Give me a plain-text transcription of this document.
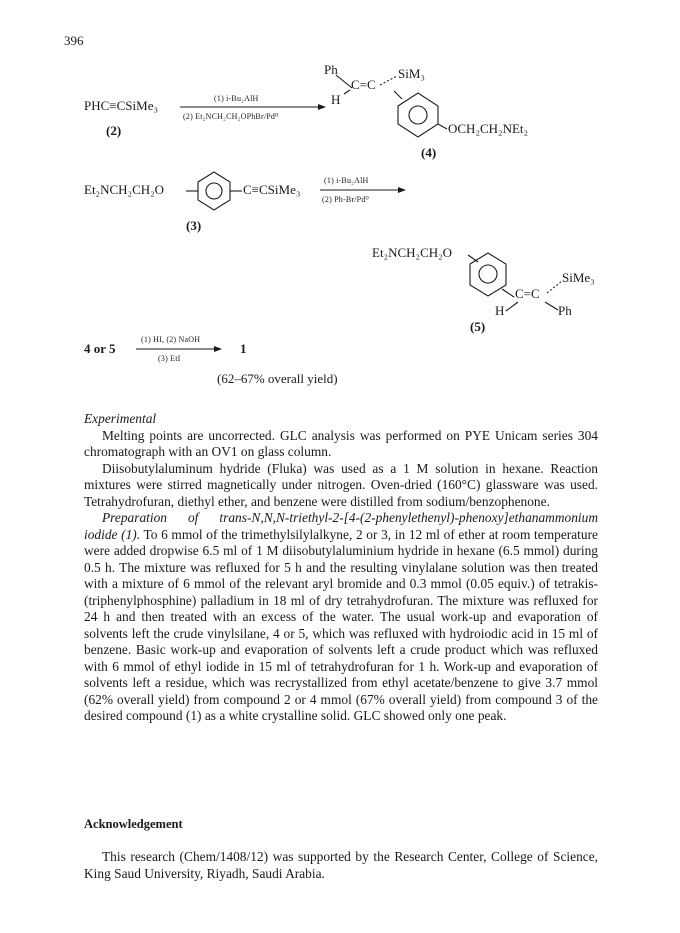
396
PHC≡CSiMe₃
(2)
(1) i-Bu₂AlH
(2) Et₂NCH₂CH₂OPhBr/Pd⁰
Ph	SiM₃
C=C
H
OCH₂CH₂NEt₂
(4)
Et₂NCH₂CH₂O	C≡CSiMe₃
(3)
(1) i-Bu₂AlH
(2) Ph-Br/Pd⁰
Et₂NCH₂CH₂O
SiMe₃
C=C
H	Ph
(5)
4 or 5
(1) HI, (2) NaOH
(3) EtI
1
(62–67% overall yield)

Experimental

Melting points are uncorrected. GLC analysis was performed on PYE Unicam series 304 chromatograph with an OV1 on glass column.

Diisobutylaluminum hydride (Fluka) was used as a 1 M solution in hexane. Reaction mixtures were stirred magnetically under nitrogen. Oven-dried (160°C) glassware was used. Tetrahydrofuran, diethyl ether, and benzene were distilled from sodium/benzophenone.

Preparation of trans-N,N,N-triethyl-2-[4-(2-phenylethenyl)-phenoxy]ethanammonium iodide (1). To 6 mmol of the trimethylsilylalkyne, 2 or 3, in 12 ml of ether at room temperature were added dropwise 6.5 ml of 1 M diisobutylaluminium hydride in hexane (6.5 mmol) during 0.5 h. The mixture was refluxed for 5 h and the resulting vinylalane solution was then treated with a mixture of 6 mmol of the relevant aryl bromide and 0.3 mmol (0.05 equiv.) of tetrakis-(triphenylphosphine) palladium in 18 ml of dry tetrahydrofuran. The mixture was refluxed for 24 h and then treated with an excess of the water. The usual work-up and evaporation of solvents left the crude vinylsilane, 4 or 5, which was refluxed with hydroiodic acid in 15 ml of benzene. Basic work-up and evaporation of solvents left a crude product which was refluxed with 6 mmol of ethyl iodide in 15 ml of tetrahydrofuran for 1 h. Work-up and evaporation of solvents left a residue, which was recrystallized from ethyl acetate/benzene to give 3.7 mmol (62% overall yield) from compound 2 or 4 mmol (67% overall yield) from compound 3 of the desired compound (1) as a white crystalline solid. GLC showed only one peak.

Acknowledgement

This research (Chem/1408/12) was supported by the Research Center, College of Science, King Saud University, Riyadh, Saudi Arabia.
